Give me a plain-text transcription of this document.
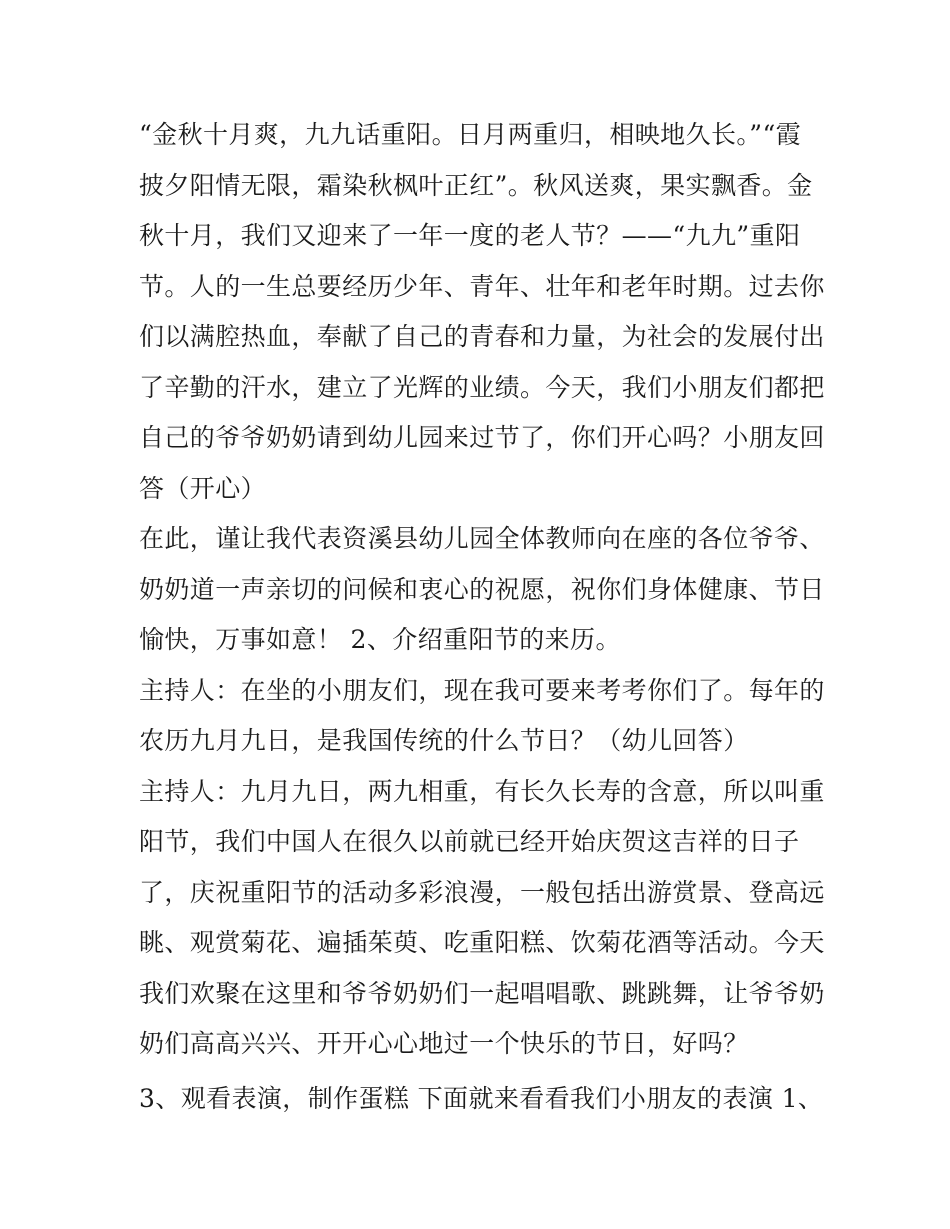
“金秋十月爽，九九话重阳。日月两重归，相映地久长。”“霞
披夕阳情无限，霜染秋枫叶正红”。秋风送爽，果实飘香。金
秋十月，我们又迎来了一年一度的老人节？——“九九”重阳
节。人的一生总要经历少年、青年、壮年和老年时期。过去你
们以满腔热血，奉献了自己的青春和力量，为社会的发展付出
了辛勤的汗水，建立了光辉的业绩。今天，我们小朋友们都把
自己的爷爷奶奶请到幼儿园来过节了，你们开心吗？小朋友回
答（开心）
在此，谨让我代表资溪县幼儿园全体教师向在座的各位爷爷、
奶奶道一声亲切的问候和衷心的祝愿，祝你们身体健康、节日
愉快，万事如意！ 2、介绍重阳节的来历。
主持人：在坐的小朋友们，现在我可要来考考你们了。每年的
农历九月九日，是我国传统的什么节日？（幼儿回答）
主持人：九月九日，两九相重，有长久长寿的含意，所以叫重
阳节，我们中国人在很久以前就已经开始庆贺这吉祥的日子
了，庆祝重阳节的活动多彩浪漫，一般包括出游赏景、登高远
眺、观赏菊花、遍插茱萸、吃重阳糕、饮菊花酒等活动。今天
我们欢聚在这里和爷爷奶奶们一起唱唱歌、跳跳舞，让爷爷奶
奶们高高兴兴、开开心心地过一个快乐的节日，好吗？
3、观看表演，制作蛋糕 下面就来看看我们小朋友的表演 1、
